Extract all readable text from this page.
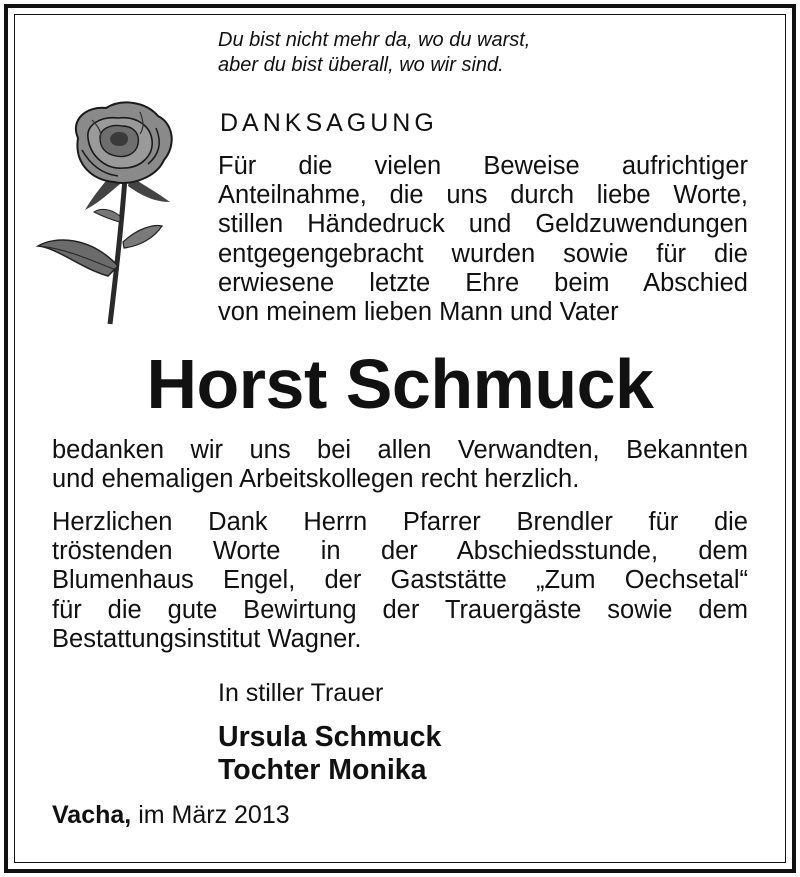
Du bist nicht mehr da, wo du warst,
aber du bist überall, wo wir sind.
DANKSAGUNG
Für die vielen Beweise aufrichtiger
Anteilnahme, die uns durch liebe Worte,
stillen Händedruck und Geldzuwendungen
entgegengebracht wurden sowie für die
erwiesene letzte Ehre beim Abschied
von meinem lieben Mann und Vater
Horst Schmuck
bedanken wir uns bei allen Verwandten, Bekannten
und ehemaligen Arbeitskollegen recht herzlich.
Herzlichen Dank Herrn Pfarrer Brendler für die
tröstenden Worte in der Abschiedsstunde, dem
Blumenhaus Engel, der Gaststätte „Zum Oechsetal“
für die gute Bewirtung der Trauergäste sowie dem
Bestattungsinstitut Wagner.
In stiller Trauer
Ursula Schmuck
Tochter Monika
Vacha, im März 2013
